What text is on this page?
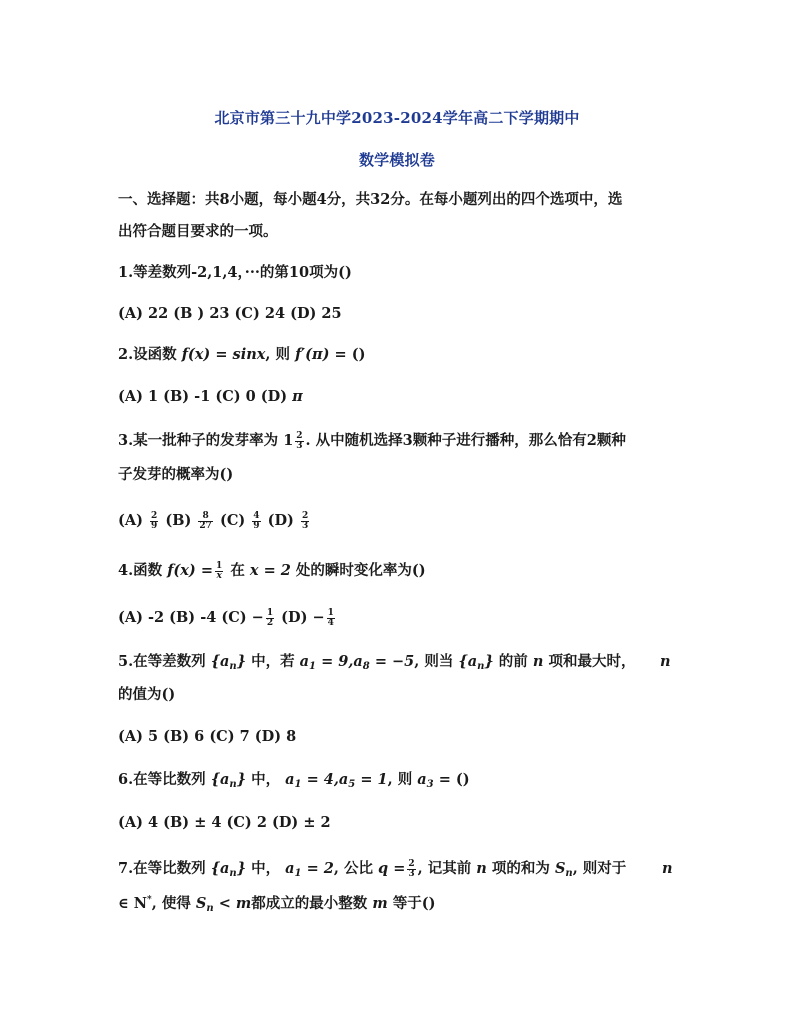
北京市第三十九中学2023-2024学年高二下学期期中
数学模拟卷
一、选择题：共8小题，每小题4分，共32分。在每小题列出的四个选项中，选
出符合题目要求的一项。
1.等差数列-2,1,4，···的第10项为()
(A) 22 (B ) 23 (C) 24 (D) 25
2.设函数 f(x) = sinx, 则 f′(π) = ()
(A) 1 (B) -1 (C) 0 (D) π
3.某一批种子的发芽率为 $1 \frac{2}{3}$ . 从中随机选择3颗种子进行播种，那么恰有2颗种
子发芽的概率为()
$(A) \frac{2}{9} (B) \frac{8}{27} (C) \frac{4}{9} (D) \frac{2}{3}$
4.函数 $f(x) = \frac{1}{x}$ 在 x = 2 处的瞬时变化率为()
(A) -2 (B) -4 $(C) - \frac{1}{2} (D) - \frac{1}{4}$
5.在等差数列 $\{a_n\}$ 中，若 $a_1 = 9,a_8 = -5$, 则当 $\{a_n\}$ 的前 n 项和最大时，	n
的值为()
(A) 5 (B) 6 (C) 7 (D) 8
6.在等比数列 $\{a_n\}$ 中， $a_1 = 4,a_5 = 1$, 则 $a_3$ = ()
(A) 4 (B) ± 4 (C) 2 (D) ± 2
7.在等比数列 $\{a_n\}$ 中， $a_1 = 2$, 公比 $q = \frac{2}{3}$ , 记其前 n 项的和为 $S_n$, 则对于	n
∈ N*, 使得 $S_n < m$都成立的最小整数 m 等于()
